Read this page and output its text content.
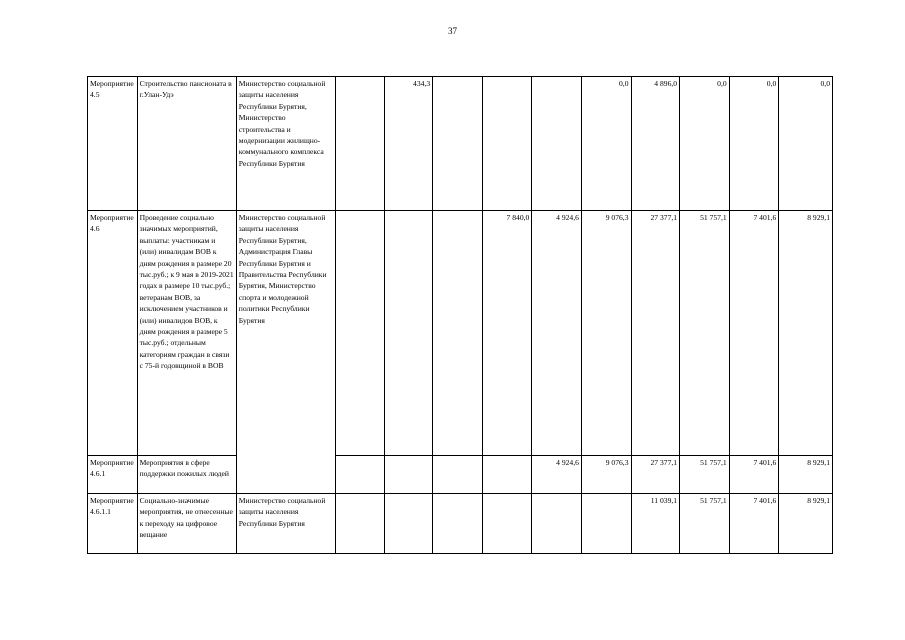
37
Мероприятие 4.5	Строительство пансионата в г.Улан-Удэ	Министерство социальной защиты населения Республики Бурятия, Министерство строительства и модернизации жилищно-коммунального комплекса Республики Бурятия		434,3				0,0	4 896,0	0,0	0,0	0,0
Мероприятие 4.6	Проведение социально значимых мероприятий, выплаты: участникам и (или) инвалидам ВОВ к дням рождения в размере 20 тыс.руб.; к 9 мая в 2019-2021 годах в размере 10 тыс.руб.; ветеранам ВОВ, за исключением участников и (или) инвалидов ВОВ, к дням рождения в размере 5 тыс.руб.; отдельным категориям граждан в связи с 75-й годовщиной в ВОВ	Министерство социальной защиты населения Республики Бурятия, Администрация Главы Республики Бурятия и Правительства Республики Бурятия, Министерство спорта и молодежной политики Республики Бурятия				7 840,0	4 924,6	9 076,3	27 377,1	51 757,1	7 401,6	8 929,1
Мероприятие 4.6.1	Мероприятия в сфере поддержки пожилых людей						4 924,6	9 076,3	27 377,1	51 757,1	7 401,6	8 929,1
Мероприятие 4.6.1.1	Социально-значимые мероприятия, не отнесенные к переходу на цифровое вещание	Министерство социальной защиты населения Республики Бурятия							11 039,1	51 757,1	7 401,6	8 929,1
